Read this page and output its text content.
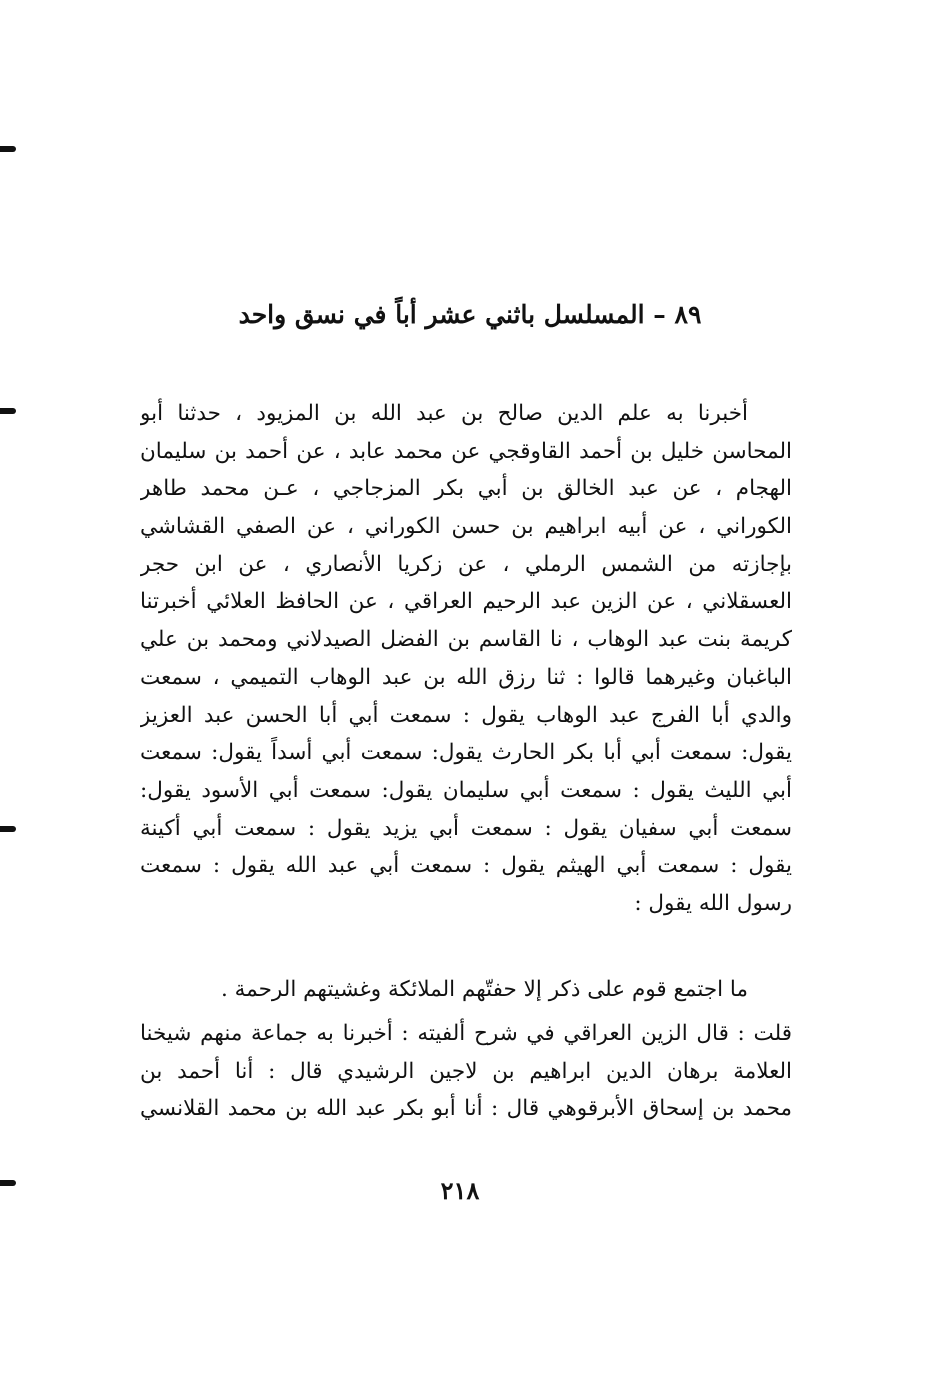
٨٩ – المسلسل باثني عشر أباً في نسق واحد
أخبرنا به علم الدين صالح بن عبد الله بن المزيود ، حدثنا أبو
المحاسن خليل بن أحمد القاوقجي عن محمد عابد ، عن أحمد بن سليمان
الهجام ، عن عبد الخالق بن أبي بكر المزجاجي ، عـن محمد طاهر
الكوراني ، عن أبيه ابراهيم بن حسن الكوراني ، عن الصفي القشاشي
بإجازته من الشمس الرملي ، عن زكريا الأنصاري ، عن ابن حجر
العسقلاني ، عن الزين عبد الرحيم العراقي ، عن الحافظ العلائي أخبرتنا
كريمة بنت عبد الوهاب ، نا القاسم بن الفضل الصيدلاني ومحمد بن علي
الباغبان وغيرهما قالوا : ثنا رزق الله بن عبد الوهاب التميمي ، سمعت
والدي أبا الفرج عبد الوهاب يقول : سمعت أبي أبا الحسن عبد العزيز
يقول: سمعت أبي أبا بكر الحارث يقول: سمعت أبي أسداً يقول: سمعت
أبي الليث يقول : سمعت أبي سليمان يقول: سمعت أبي الأسود يقول:
سمعت أبي سفيان يقول : سمعت أبي يزيد يقول : سمعت أبي أكينة
يقول : سمعت أبي الهيثم يقول : سمعت أبي عبد الله يقول : سمعت
رسول الله يقول :
ما اجتمع قوم على ذكر إلا حفتّهم الملائكة وغشيتهم الرحمة .
قلت : قال الزين العراقي في شرح ألفيته : أخبرنا به جماعة منهم شيخنا
العلامة برهان الدين ابراهيم بن لاجين الرشيدي قال : أنا أحمد بن
محمد بن إسحاق الأبرقوهي قال : أنا أبو بكر عبد الله بن محمد القلانسي
٢١٨
